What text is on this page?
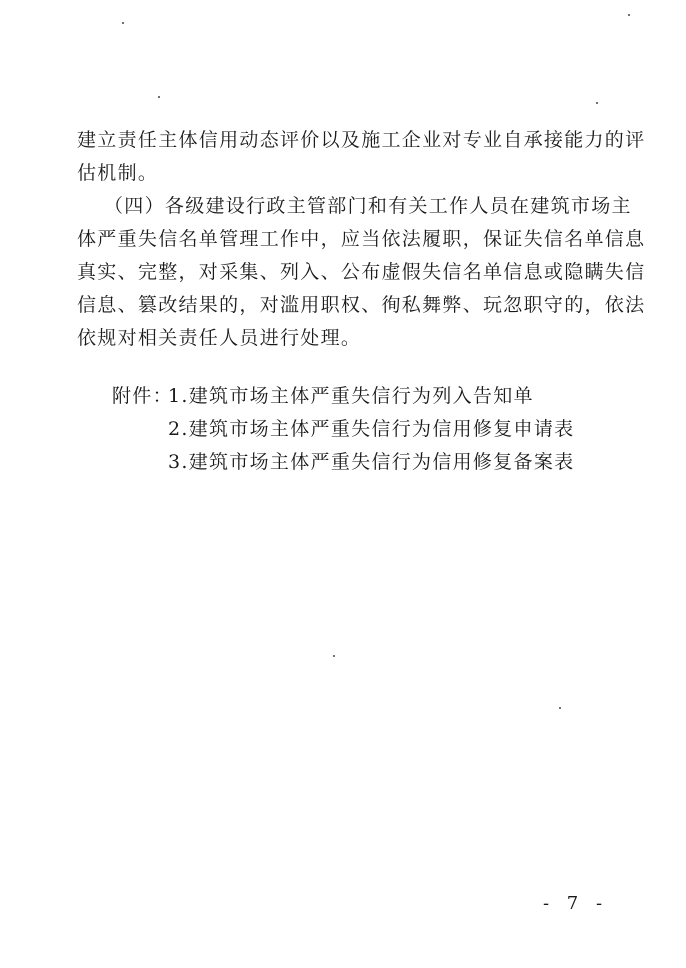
建立责任主体信用动态评价以及施工企业对专业自承接能力的评
估机制。
（四）各级建设行政主管部门和有关工作人员在建筑市场主
体严重失信名单管理工作中，应当依法履职，保证失信名单信息
真实、完整，对采集、列入、公布虚假失信名单信息或隐瞒失信
信息、篡改结果的，对滥用职权、徇私舞弊、玩忽职守的，依法
依规对相关责任人员进行处理。
附件：
1.建筑市场主体严重失信行为列入告知单
2.建筑市场主体严重失信行为信用修复申请表
3.建筑市场主体严重失信行为信用修复备案表
- 7 -
